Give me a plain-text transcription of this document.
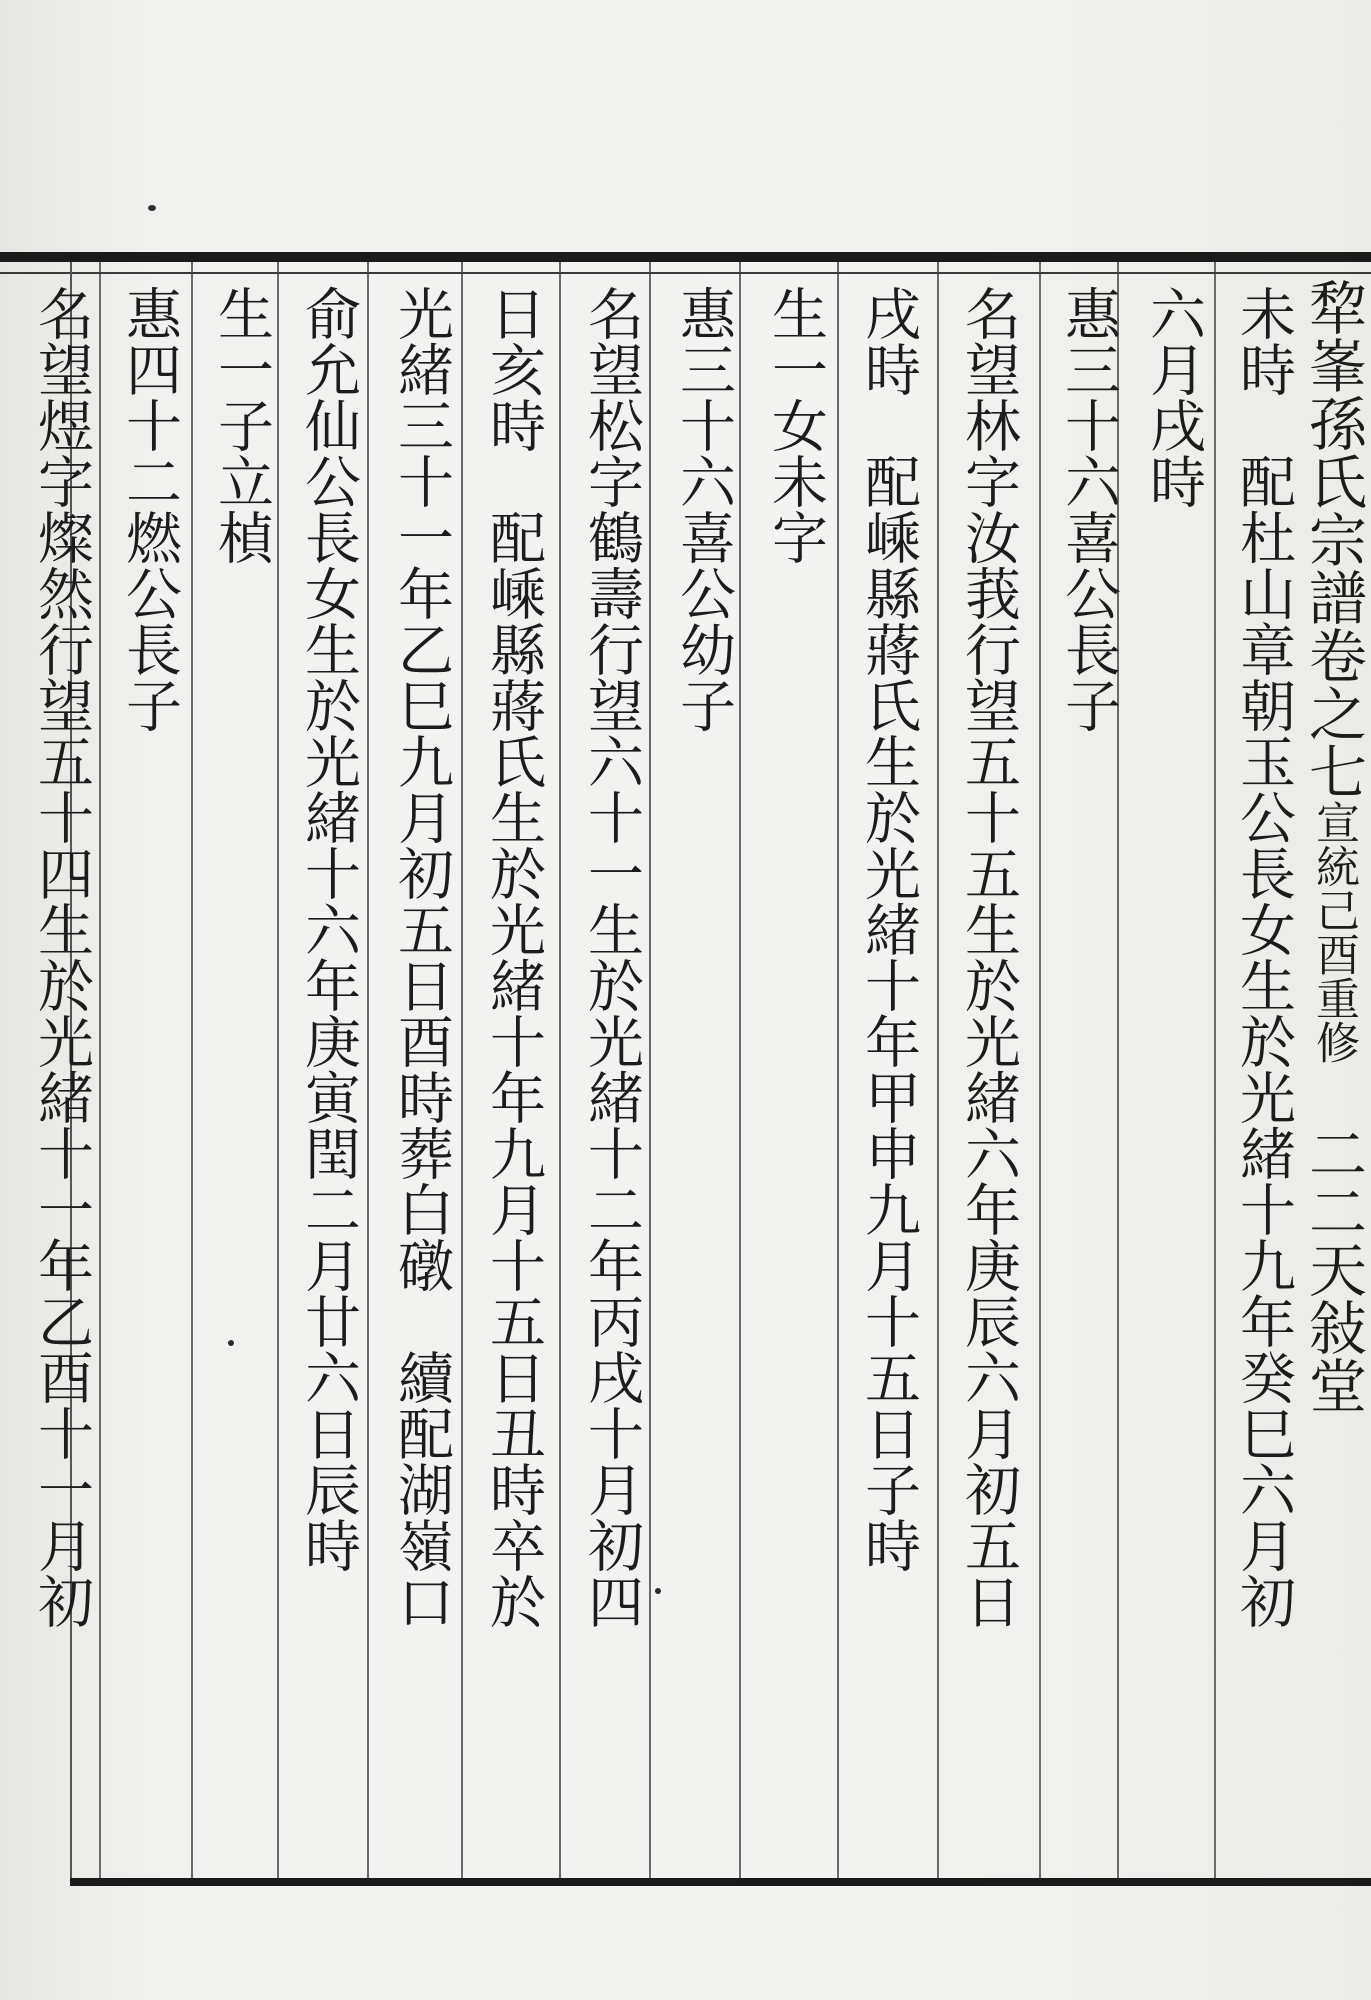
犂峯孫氏宗譜卷之七宣統己酉重修二二天敍堂
未時　配杜山章朝玉公長女生於光緒十九年癸巳六月初
六月戌時
惠三十六喜公長子
名望林字汝莪行望五十五生於光緒六年庚辰六月初五日
戌時　配嵊縣蔣氏生於光緒十年甲申九月十五日子時
生一女未字
惠三十六喜公幼子
名望松字鶴壽行望六十一生於光緒十二年丙戌十月初四
日亥時　配嵊縣蔣氏生於光緒十年九月十五日丑時卒於
光緒三十一年乙巳九月初五日酉時葬白礅　續配湖嶺口
俞允仙公長女生於光緒十六年庚寅閏二月廿六日辰時
生一子立楨
惠四十二燃公長子
名望煜字燦然行望五十四生於光緒十一年乙酉十一月初
